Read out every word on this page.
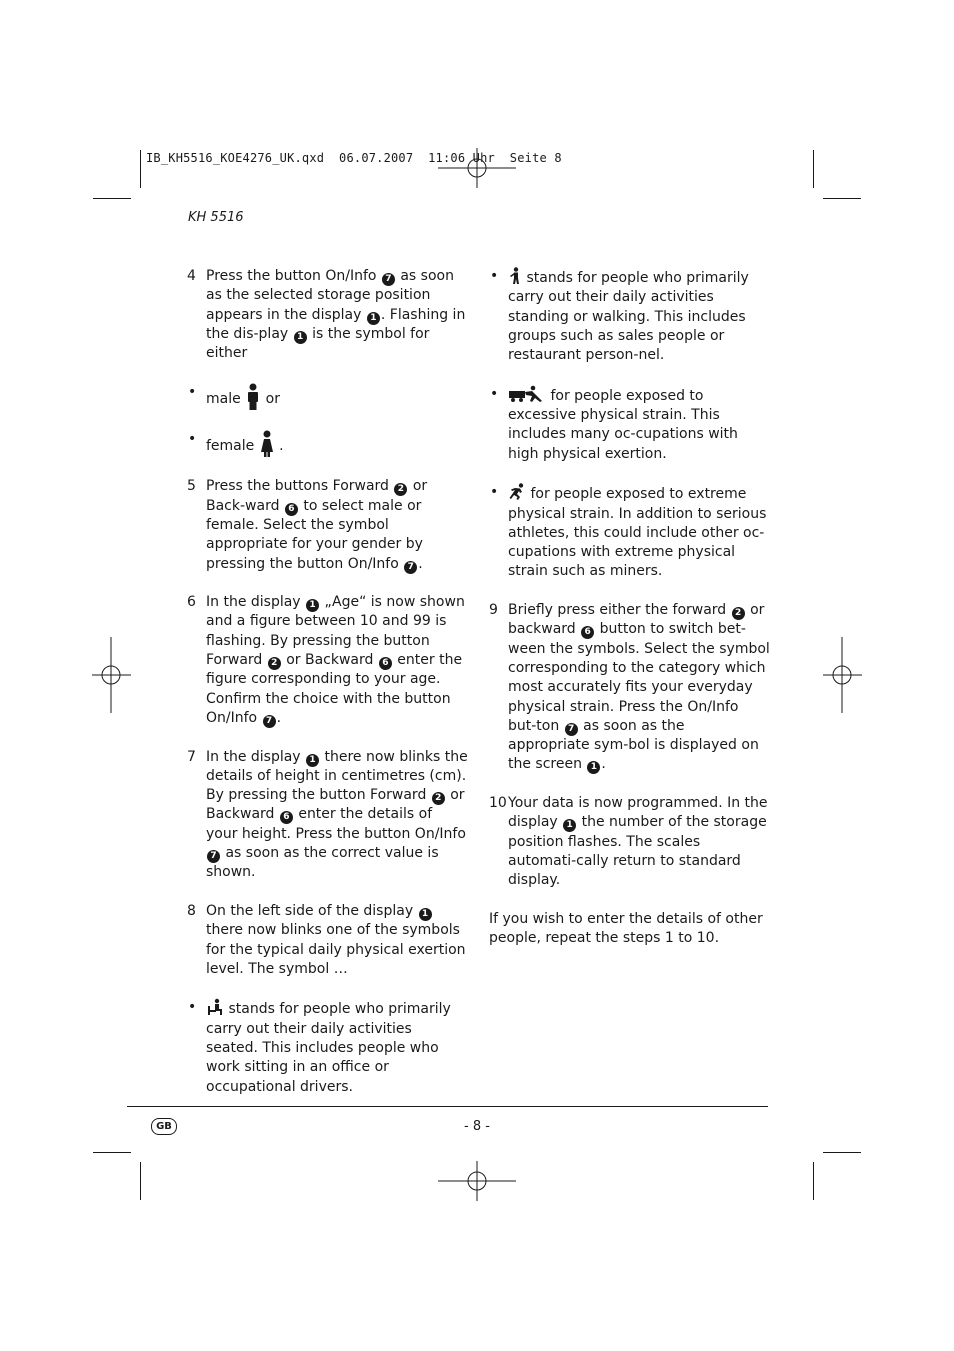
IB_KH5516_KOE4276_UK.qxd  06.07.2007  11:06 Uhr  Seite 8
KH 5516

4 Press the button On/Info 7 as soon as the selected storage position appears in the display 1 . Flashing in the dis-play 1 is the symbol for either

• male  or

• female  .

5 Press the buttons Forward 2 or Back-ward 6 to select male or female. Select the symbol appropriate for your gender by pressing the button On/Info 7 .

6 In the display 1 „Age“ is now shown and a figure between 10 and 99 is flashing. By pressing the button Forward 2 or Backward 6 enter the figure corresponding to your age. Confirm the choice with the button On/Info 7 .

7 In the display 1 there now blinks the details of height in centimetres (cm). By pressing the button Forward 2 or Backward 6 enter the details of your height. Press the button On/Info 7 as soon as the correct value is shown.

8 On the left side of the display 1 there now blinks one of the symbols for the typical daily physical exertion level. The symbol …

• stands for people who primarily carry out their daily activities seated. This includes people who work sitting in an office or occupational drivers.

• stands for people who primarily carry out their daily activities standing or walking. This includes groups such as sales people or restaurant person-nel.

•	for people exposed to excessive physical strain. This includes many oc-cupations with high physical exertion.

• for people exposed to extreme physical strain. In addition to serious athletes, this could include other oc-cupations with extreme physical strain such as miners.

9 Briefly press either the forward 2 or backward 6 button to switch bet-ween the symbols. Select the symbol corresponding to the category which most accurately fits your everyday physical strain. Press the On/Info but-ton 7 as soon as the appropriate sym-bol is displayed on the screen 1 .

10 Your data is now programmed. In the display 1 the number of the storage position flashes. The scales automati-cally return to standard display.

If you wish to enter the details of other people, repeat the steps 1 to 10.

GB	- 8 -
